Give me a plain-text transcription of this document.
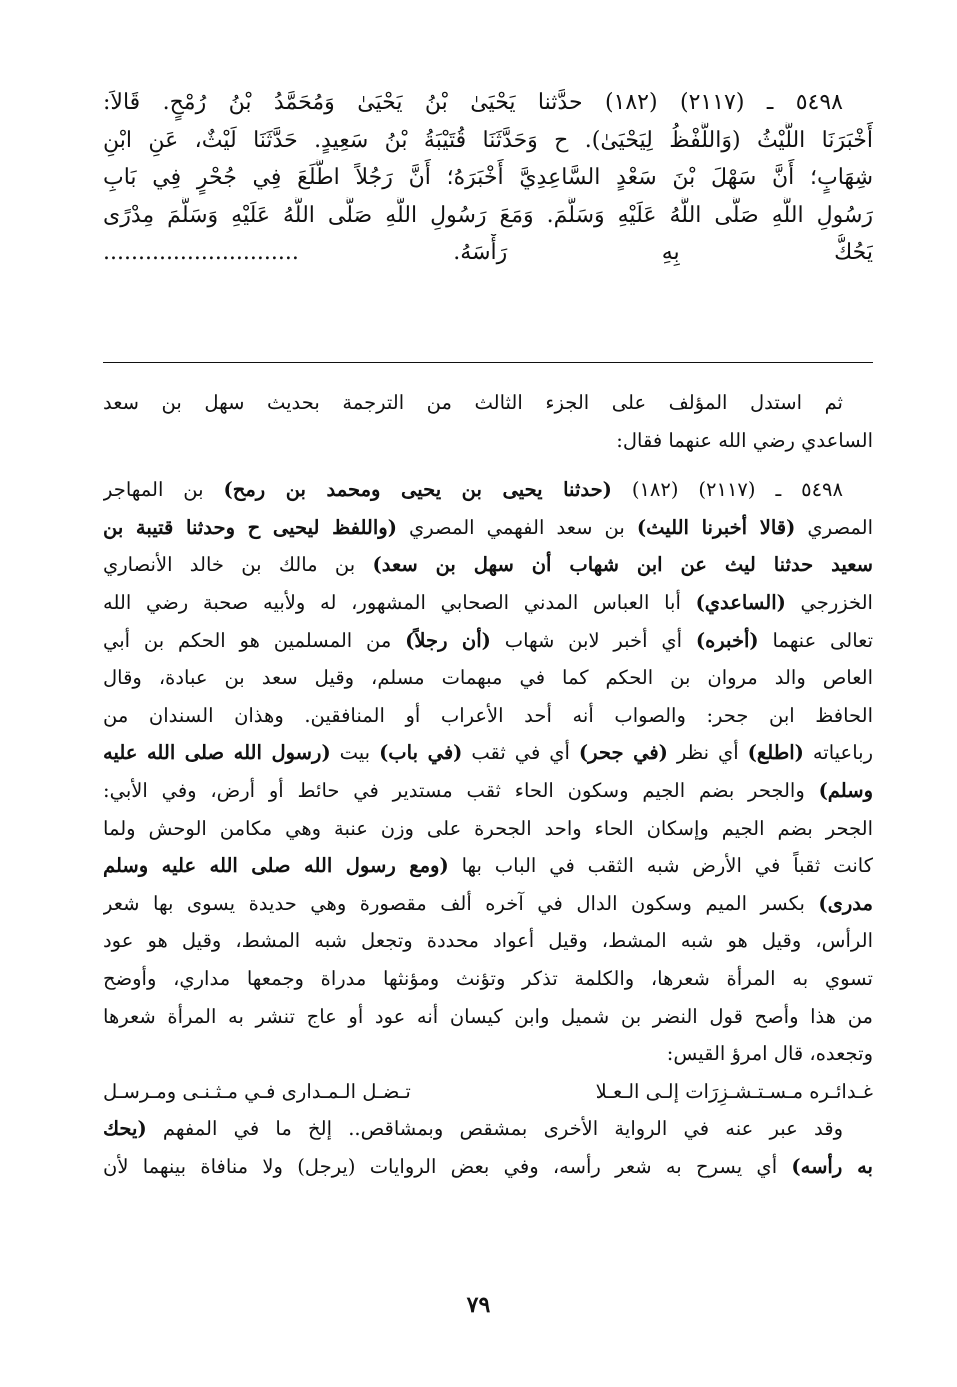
٥٤٩٨ ـ (٢١١٧) (١٨٢) حدَّثنا يَحْيَىٰ بْنُ يَحْيَىٰ وَمُحَمَّدُ بْنُ رُمْحٍ. قَالاَ:
أَخْبَرَنَا اللَّيْثُ (وَاللَّفْظُ لِيَحْيَىٰ). ح وَحَدَّثَنَا قُتَيْبَةُ بْنُ سَعِيدٍ. حَدَّثَنَا لَيْثٌ، عَنِ ابْنِ
شِهَابٍ؛ أَنَّ سَهْلَ بْنَ سَعْدٍ السَّاعِدِيَّ أَخْبَرَهُ؛ أَنَّ رَجُلاً اطَّلَعَ فِي جُحْرٍ فِي بَابِ
رَسُولِ اللَّهِ صَلَّى اللَّهُ عَلَيْهِ وَسَلَّمَ. وَمَعَ رَسُولِ اللَّهِ صَلَّى اللَّهُ عَلَيْهِ وَسَلَّمَ مِدْرًى
يَحُكُّ بِهِ رَأْسَهُ. ............................
ثم استدل المؤلف على الجزء الثالث من الترجمة بحديث سهل بن سعد
الساعدي رضي الله عنهما فقال:
٥٤٩٨ ـ (٢١١٧) (١٨٢) (حدثنا يحيى بن يحيى ومحمد بن رمح) بن المهاجر
المصري (قالا أخبرنا الليث) بن سعد الفهمي المصري (واللفظ ليحيى ح وحدثنا قتيبة بن
سعيد حدثنا ليث عن ابن شهاب أن سهل بن سعد) بن مالك بن خالد الأنصاري
الخزرجي (الساعدي) أبا العباس المدني الصحابي المشهور، له ولأبيه صحبة رضي الله
تعالى عنهما (أخبره) أي أخبر لابن شهاب (أن رجلاً) من المسلمين هو الحكم بن أبي
العاص والد مروان بن الحكم كما في مبهمات مسلم، وقيل سعد بن عبادة، وقال
الحافظ ابن جحر: والصواب أنه أحد الأعراب أو المنافقين. وهذان السندان من
رباعياته (اطلع) أي نظر (في جحر) أي في ثقب (في باب) بيت (رسول الله صلى الله عليه
وسلم) والجحر بضم الجيم وسكون الحاء ثقب مستدير في حائط أو أرض، وفي الأبي:
الجحر بضم الجيم وإسكان الحاء واحد الجحرة على وزن عنبة وهي مكامن الوحش ولما
كانت ثقباً في الأرض شبه الثقب في الباب بها (ومع رسول الله صلى الله عليه وسلم
مدرى) بكسر الميم وسكون الدال في آخره ألف مقصورة وهي حديدة يسوى بها شعر
الرأس، وقيل هو شبه المشط، وقيل أعواد محددة وتجعل شبه المشط، وقيل هو عود
تسوي به المرأة شعرها، والكلمة تذكر وتؤنث ومؤنثها مدراة وجمعها مداري، وأوضح
من هذا وأصح قول النضر بن شميل وابن كيسان أنه عود أو عاج تنشر به المرأة شعرها
وتجعده، قال امرؤ القيس:
غـدائـره مـسـتـشـزِرَات إلـى الـعـلا
تـضـل الـمـدارى فـي مـثـنـى ومـرسـل
وقد عبر عنه في الرواية الأخرى بمشقص وبمشاقص.. إلخ ما في المفهم (يحك
به رأسه) أي يسرح به شعر رأسه، وفي بعض الروايات (يرجل) ولا منافاة بينهما لأن
٧٩
